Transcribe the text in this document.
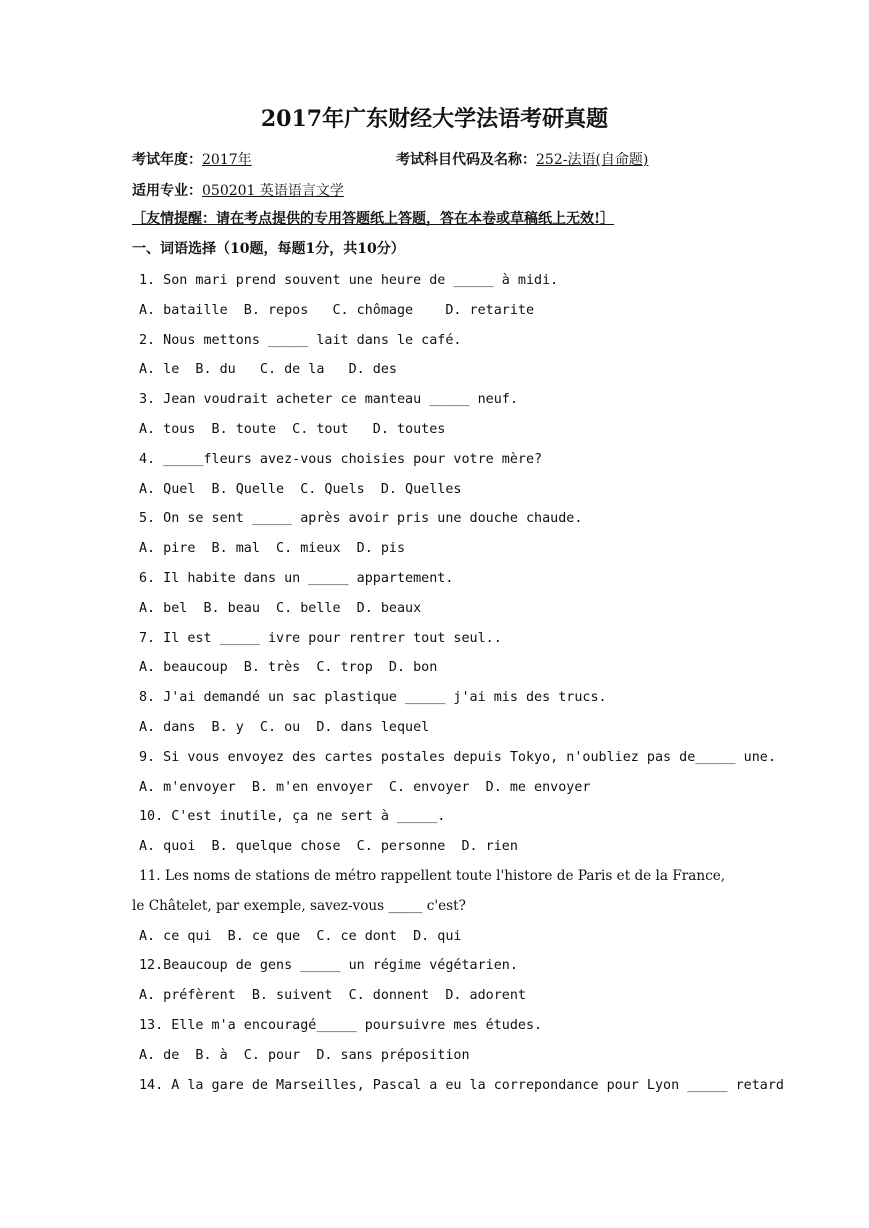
2017年广东财经大学法语考研真题
考试年度：2017年	考试科目代码及名称：252-法语(自命题)
适用专业：050201 英语语言文学
［友情提醒：请在考点提供的专用答题纸上答题，答在本卷或草稿纸上无效!］
一、词语选择（10题，每题1分，共10分）
1. Son mari prend souvent une heure de _____ à midi.
A. bataille  B. repos   C. chômage    D. retarite
2. Nous mettons _____ lait dans le café.
A. le  B. du   C. de la   D. des
3. Jean voudrait acheter ce manteau _____ neuf.
A. tous  B. toute  C. tout   D. toutes
4. _____fleurs avez-vous choisies pour votre mère?
A. Quel  B. Quelle  C. Quels  D. Quelles
5. On se sent _____ après avoir pris une douche chaude.
A. pire  B. mal  C. mieux  D. pis
6. Il habite dans un _____ appartement.
A. bel  B. beau  C. belle  D. beaux
7. Il est _____ ivre pour rentrer tout seul..
A. beaucoup  B. très  C. trop  D. bon
8. J'ai demandé un sac plastique _____ j'ai mis des trucs.
A. dans  B. y  C. ou  D. dans lequel
9. Si vous envoyez des cartes postales depuis Tokyo, n'oubliez pas de_____ une.
A. m'envoyer  B. m'en envoyer  C. envoyer  D. me envoyer
10. C'est inutile, ça ne sert à _____.
A. quoi  B. quelque chose  C. personne  D. rien
11. Les noms de stations de métro rappellent toute l'histore de Paris et de la France,
le Châtelet, par exemple, savez-vous _____ c'est?
A. ce qui  B. ce que  C. ce dont  D. qui
12.Beaucoup de gens _____ un régime végétarien.
A. préfèrent  B. suivent  C. donnent  D. adorent
13. Elle m'a encouragé_____ poursuivre mes études.
A. de  B. à  C. pour  D. sans préposition
14. A la gare de Marseilles, Pascal a eu la correpondance pour Lyon _____ retard
